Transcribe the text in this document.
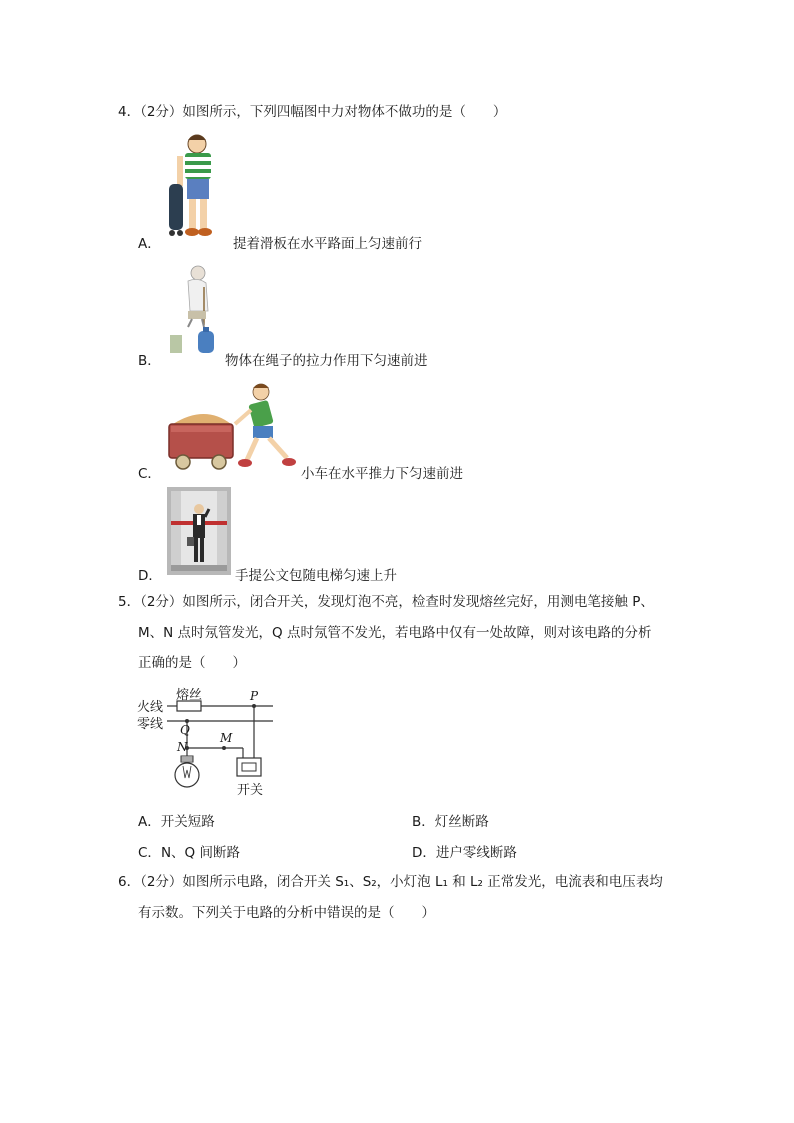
4．（2分）如图所示，下列四幅图中力对物体不做功的是（　　）
A．	提着滑板在水平路面上匀速前行
B．	物体在绳子的拉力作用下匀速前进
C．	小车在水平推力下匀速前进
D．	手提公文包随电梯匀速上升
5．（2分）如图所示，闭合开关，发现灯泡不亮，检查时发现熔丝完好，用测电笔接触 P、
M、N 点时氖管发光，Q 点时氖管不发光，若电路中仅有一处故障，则对该电路的分析
正确的是（　　）
火线
零线
熔丝	P
Q
N
M
开关
A．开关短路	B．灯丝断路
C．N、Q 间断路	D．进户零线断路
6．（2分）如图所示电路，闭合开关 S₁、S₂，小灯泡 L₁ 和 L₂ 正常发光，电流表和电压表均
有示数。下列关于电路的分析中错误的是（　　）
